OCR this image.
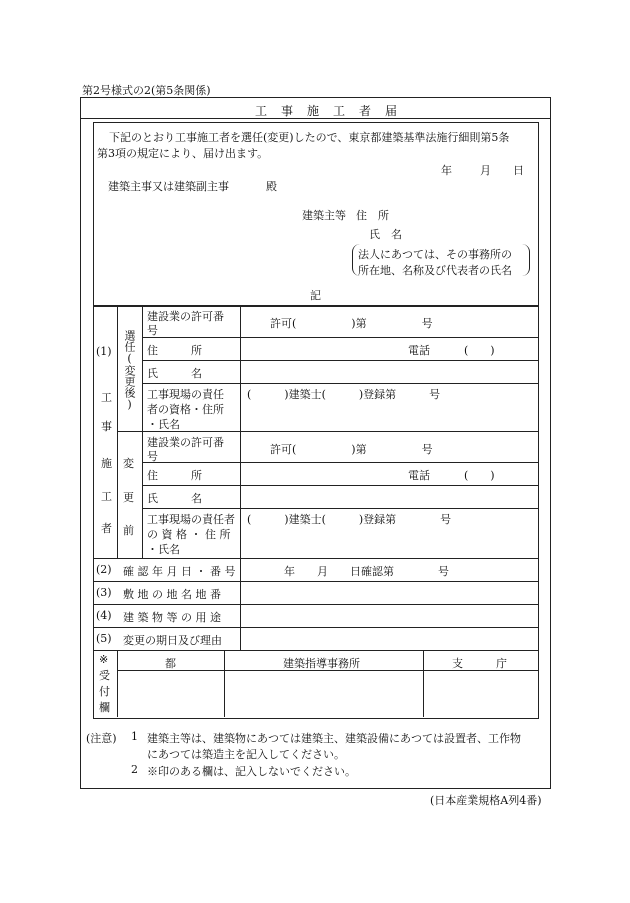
第2号様式の2(第5条関係)
工　事　施　工　者　届
下記のとおり工事施工者を選任(変更)したので、東京都建築基準法施行細則第5条
第3項の規定により、届け出ます。
年	月 日
建築主事又は建築副主事	殿
建築主等 住　所
氏　名
法人にあつては、その事務所の
所在地、名称及び代表者の氏名
記
(1)
工
事
施
工
者
選任(変更後)
変
更
前
建設業の許可番
号
許可(　　　　　)第　　　　　号
住　　　所	電話	(　　)
氏　　　名
工事現場の責任
者の資格・住所
・氏名
(　　　)建築士(　　　)登録第　　　号
建設業の許可番
号
許可(　　　　　)第　　　　　号
住　　　所	電話	(　　)
氏　　　名
工事現場の責任者
の 資 格 ・ 住 所
・氏名
(　　　)建築士(　　　)登録第　　　　号
(2) 確 認 年 月 日 ・ 番 号	年　　月　　日確認第　　　　号
(3) 敷 地 の 地 名 地 番
(4) 建 築 物 等 の 用 途
(5) 変更の期日及び理由
※
受
付
欄
都	建築指導事務所	支　　　庁
(注意) 1 建築主等は、建築物にあつては建築主、建築設備にあつては設置者、工作物
にあつては築造主を記入してください。
2 ※印のある欄は、記入しないでください。
(日本産業規格A列4番)
